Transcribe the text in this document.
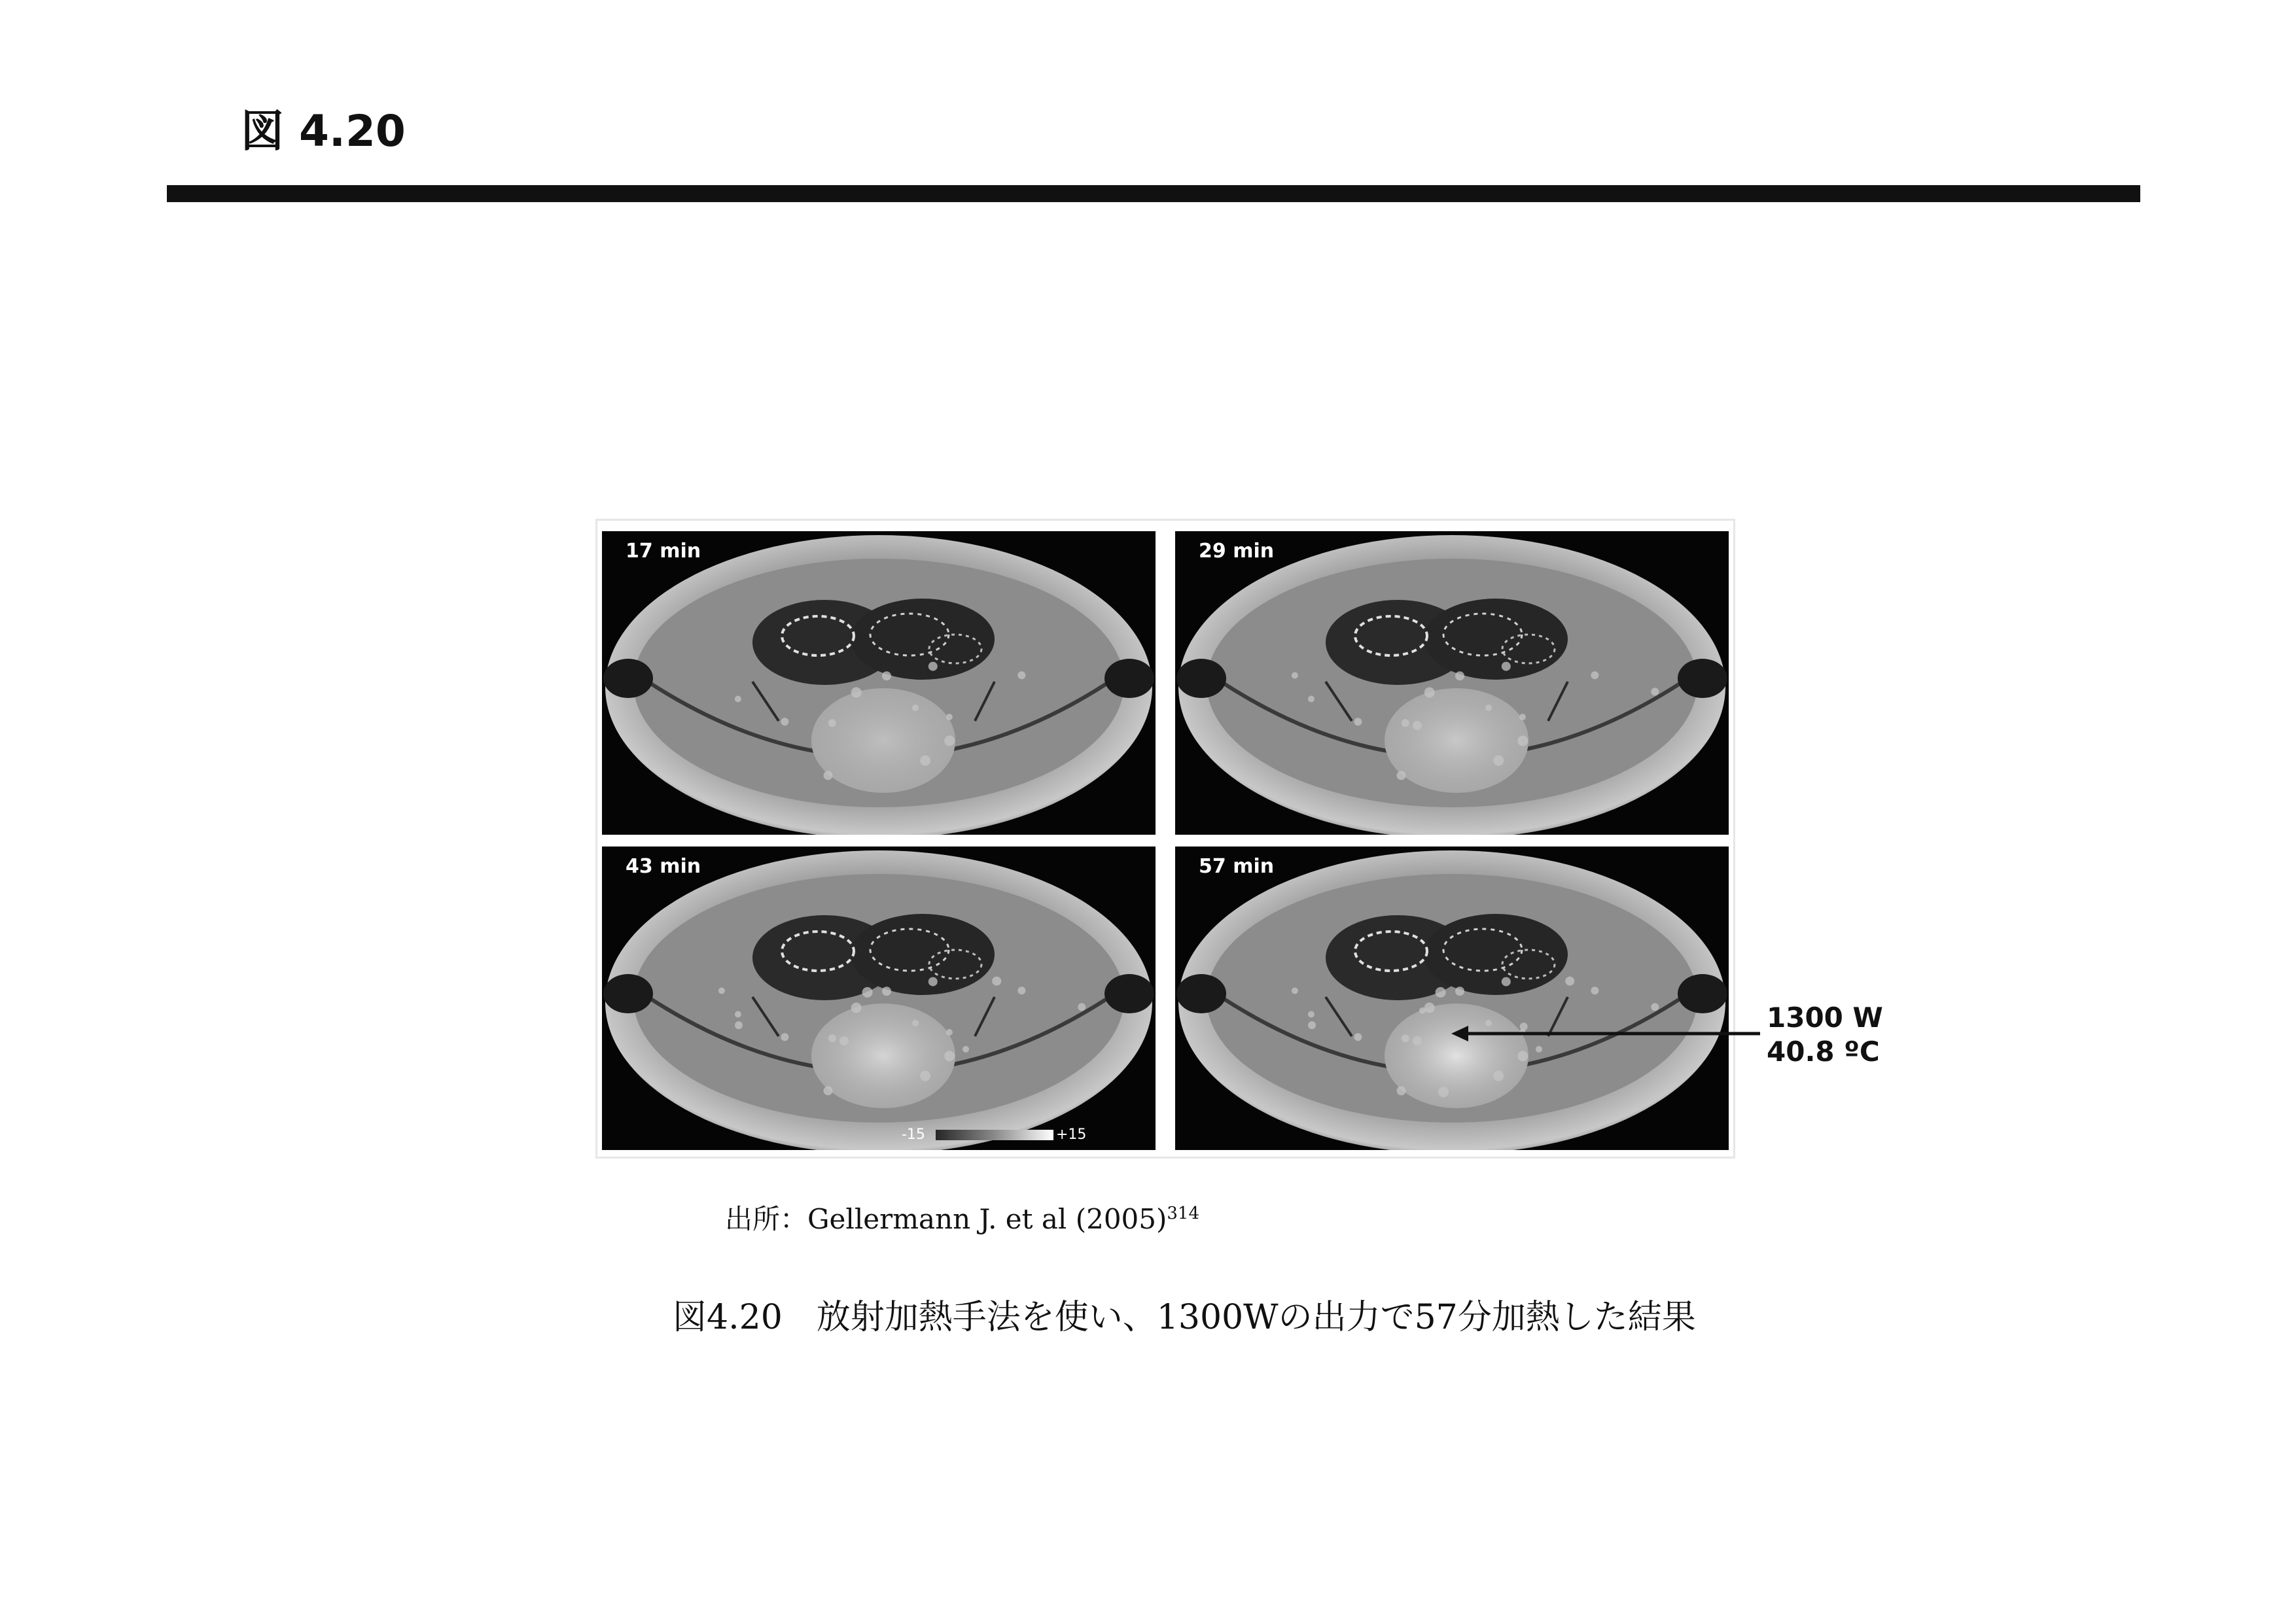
図 4.20
17 min	29 min
43 min	57 min
-15	+15
1300 W
40.8 ºC
出所：Gellermann J. et al $(2005)^{314}$
図4.20　放射加熱手法を使い、1300Wの出力で57分加熱した結果
